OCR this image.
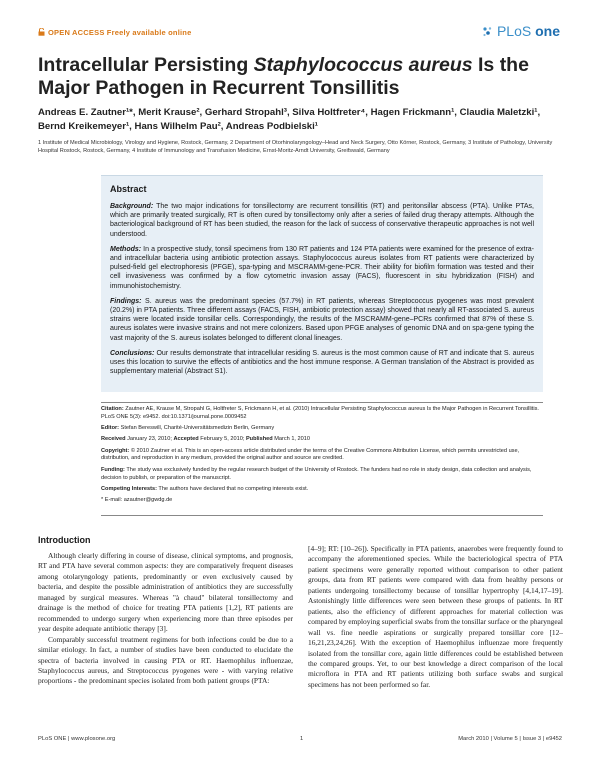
OPEN ACCESS Freely available online	PLoS one
Intracellular Persisting Staphylococcus aureus Is the Major Pathogen in Recurrent Tonsillitis
Andreas E. Zautner¹*, Merit Krause², Gerhard Stropahl³, Silva Holtfreter⁴, Hagen Frickmann¹, Claudia Maletzki¹, Bernd Kreikemeyer¹, Hans Wilhelm Pau², Andreas Podbielski¹
1 Institute of Medical Microbiology, Virology and Hygiene, Rostock, Germany, 2 Department of Otorhinolaryngology–Head and Neck Surgery, Otto Körner, Rostock, Germany, 3 Institute of Pathology, University Hospital Rostock, Rostock, Germany, 4 Institute of Immunology and Transfusion Medicine, Ernst-Moritz-Arndt University, Greifswald, Germany
Abstract

Background: The two major indications for tonsillectomy are recurrent tonsillitis (RT) and peritonsillar abscess (PTA). Unlike PTAs, which are primarily treated surgically, RT is often cured by tonsillectomy only after a series of failed drug therapy attempts. Although the bacteriological background of RT has been studied, the reason for the lack of success of conservative therapeutic approaches is not well understood.

Methods: In a prospective study, tonsil specimens from 130 RT patients and 124 PTA patients were examined for the presence of extra- and intracellular bacteria using antibiotic protection assays. Staphylococcus aureus isolates from RT patients were characterized by pulsed-field gel electrophoresis (PFGE), spa-typing and MSCRAMM-gene-PCR. Their ability for biofilm formation was tested and their cell invasiveness was confirmed by a flow cytometric invasion assay (FACS), fluorescent in situ hybridization (FISH) and immunohistochemistry.

Findings: S. aureus was the predominant species (57.7%) in RT patients, whereas Streptococcus pyogenes was most prevalent (20.2%) in PTA patients. Three different assays (FACS, FISH, antibiotic protection assay) showed that nearly all RT-associated S. aureus strains were located inside tonsillar cells. Correspondingly, the results of the MSCRAMM-gene–PCRs confirmed that 87% of these S. aureus isolates were invasive strains and not mere colonizers. Based upon PFGE analyses of genomic DNA and on spa-gene typing the vast majority of the S. aureus isolates belonged to different clonal lineages.

Conclusions: Our results demonstrate that intracellular residing S. aureus is the most common cause of RT and indicate that S. aureus uses this location to survive the effects of antibiotics and the host immune response. A German translation of the Abstract is provided as supplementary material (Abstract S1).

Citation: Zautner AE, Krause M, Stropahl G, Holtfreter S, Frickmann H, et al. (2010) Intracellular Persisting Staphylococcus aureus Is the Major Pathogen in Recurrent Tonsillitis. PLoS ONE 5(3): e9452. doi:10.1371/journal.pone.0009452

Editor: Stefan Bereswill, Charité-Universitätsmedizin Berlin, Germany

Received January 23, 2010; Accepted February 5, 2010; Published March 1, 2010

Copyright: © 2010 Zautner et al. This is an open-access article distributed under the terms of the Creative Commons Attribution License, which permits unrestricted use, distribution, and reproduction in any medium, provided the original author and source are credited.

Funding: The study was exclusively funded by the regular research budget of the University of Rostock. The funders had no role in study design, data collection and analysis, decision to publish, or preparation of the manuscript.

Competing Interests: The authors have declared that no competing interests exist.

* E-mail: azautner@gwdg.de

Introduction

Although clearly differing in course of disease, clinical symptoms, and prognosis, RT and PTA have several common aspects: they are comparatively frequent diseases among otolaryngology patients, predominantly or even exclusively caused by bacteria, and despite the possible administration of antibiotics they are successfully managed by surgical measures. Whereas "à chaud" bilateral tonsillectomy and drainage is the method of choice for treating PTA patients [1,2], RT patients are recommended to undergo surgery when experiencing more than three episodes per year despite adequate antibiotic therapy [3].

Comparably successful treatment regimens for both infections could be due to a similar etiology. In fact, a number of studies have been conducted to elucidate the spectra of bacteria involved in causing PTA or RT. Haemophilus influenzae, Staphylococcus aureus, and Streptococcus pyogenes were - with varying relative proportions - the predominant species isolated from both patient groups (PTA:

[4–9]; RT: [10–26]). Specifically in PTA patients, anaerobes were frequently found to accompany the aforementioned species. While the bacteriological spectra of PTA patient specimens were generally reported without comparison to other patient groups, data from RT patients were compared with data from healthy persons or patients undergoing tonsillectomy because of tonsillar hypertrophy [4,14,17–19]. Astonishingly little differences were seen between these groups of patients. In RT patients, also the efficiency of different approaches for material collection was compared by employing superficial swabs from the tonsillar surface or the pharyngeal wall vs. fine needle aspirations or surgically prepared tonsillar core [12–16,21,23,24,26]. With the exception of Haemophilus influenzae more frequently isolated from the tonsillar core, again little differences could be established between the compared groups. Yet, to our best knowledge a direct comparison of the local microflora in PTA and RT patients utilizing both surface swabs and surgical specimens has not been performed so far.

PLoS ONE | www.plosone.org	1	March 2010 | Volume 5 | Issue 3 | e9452
